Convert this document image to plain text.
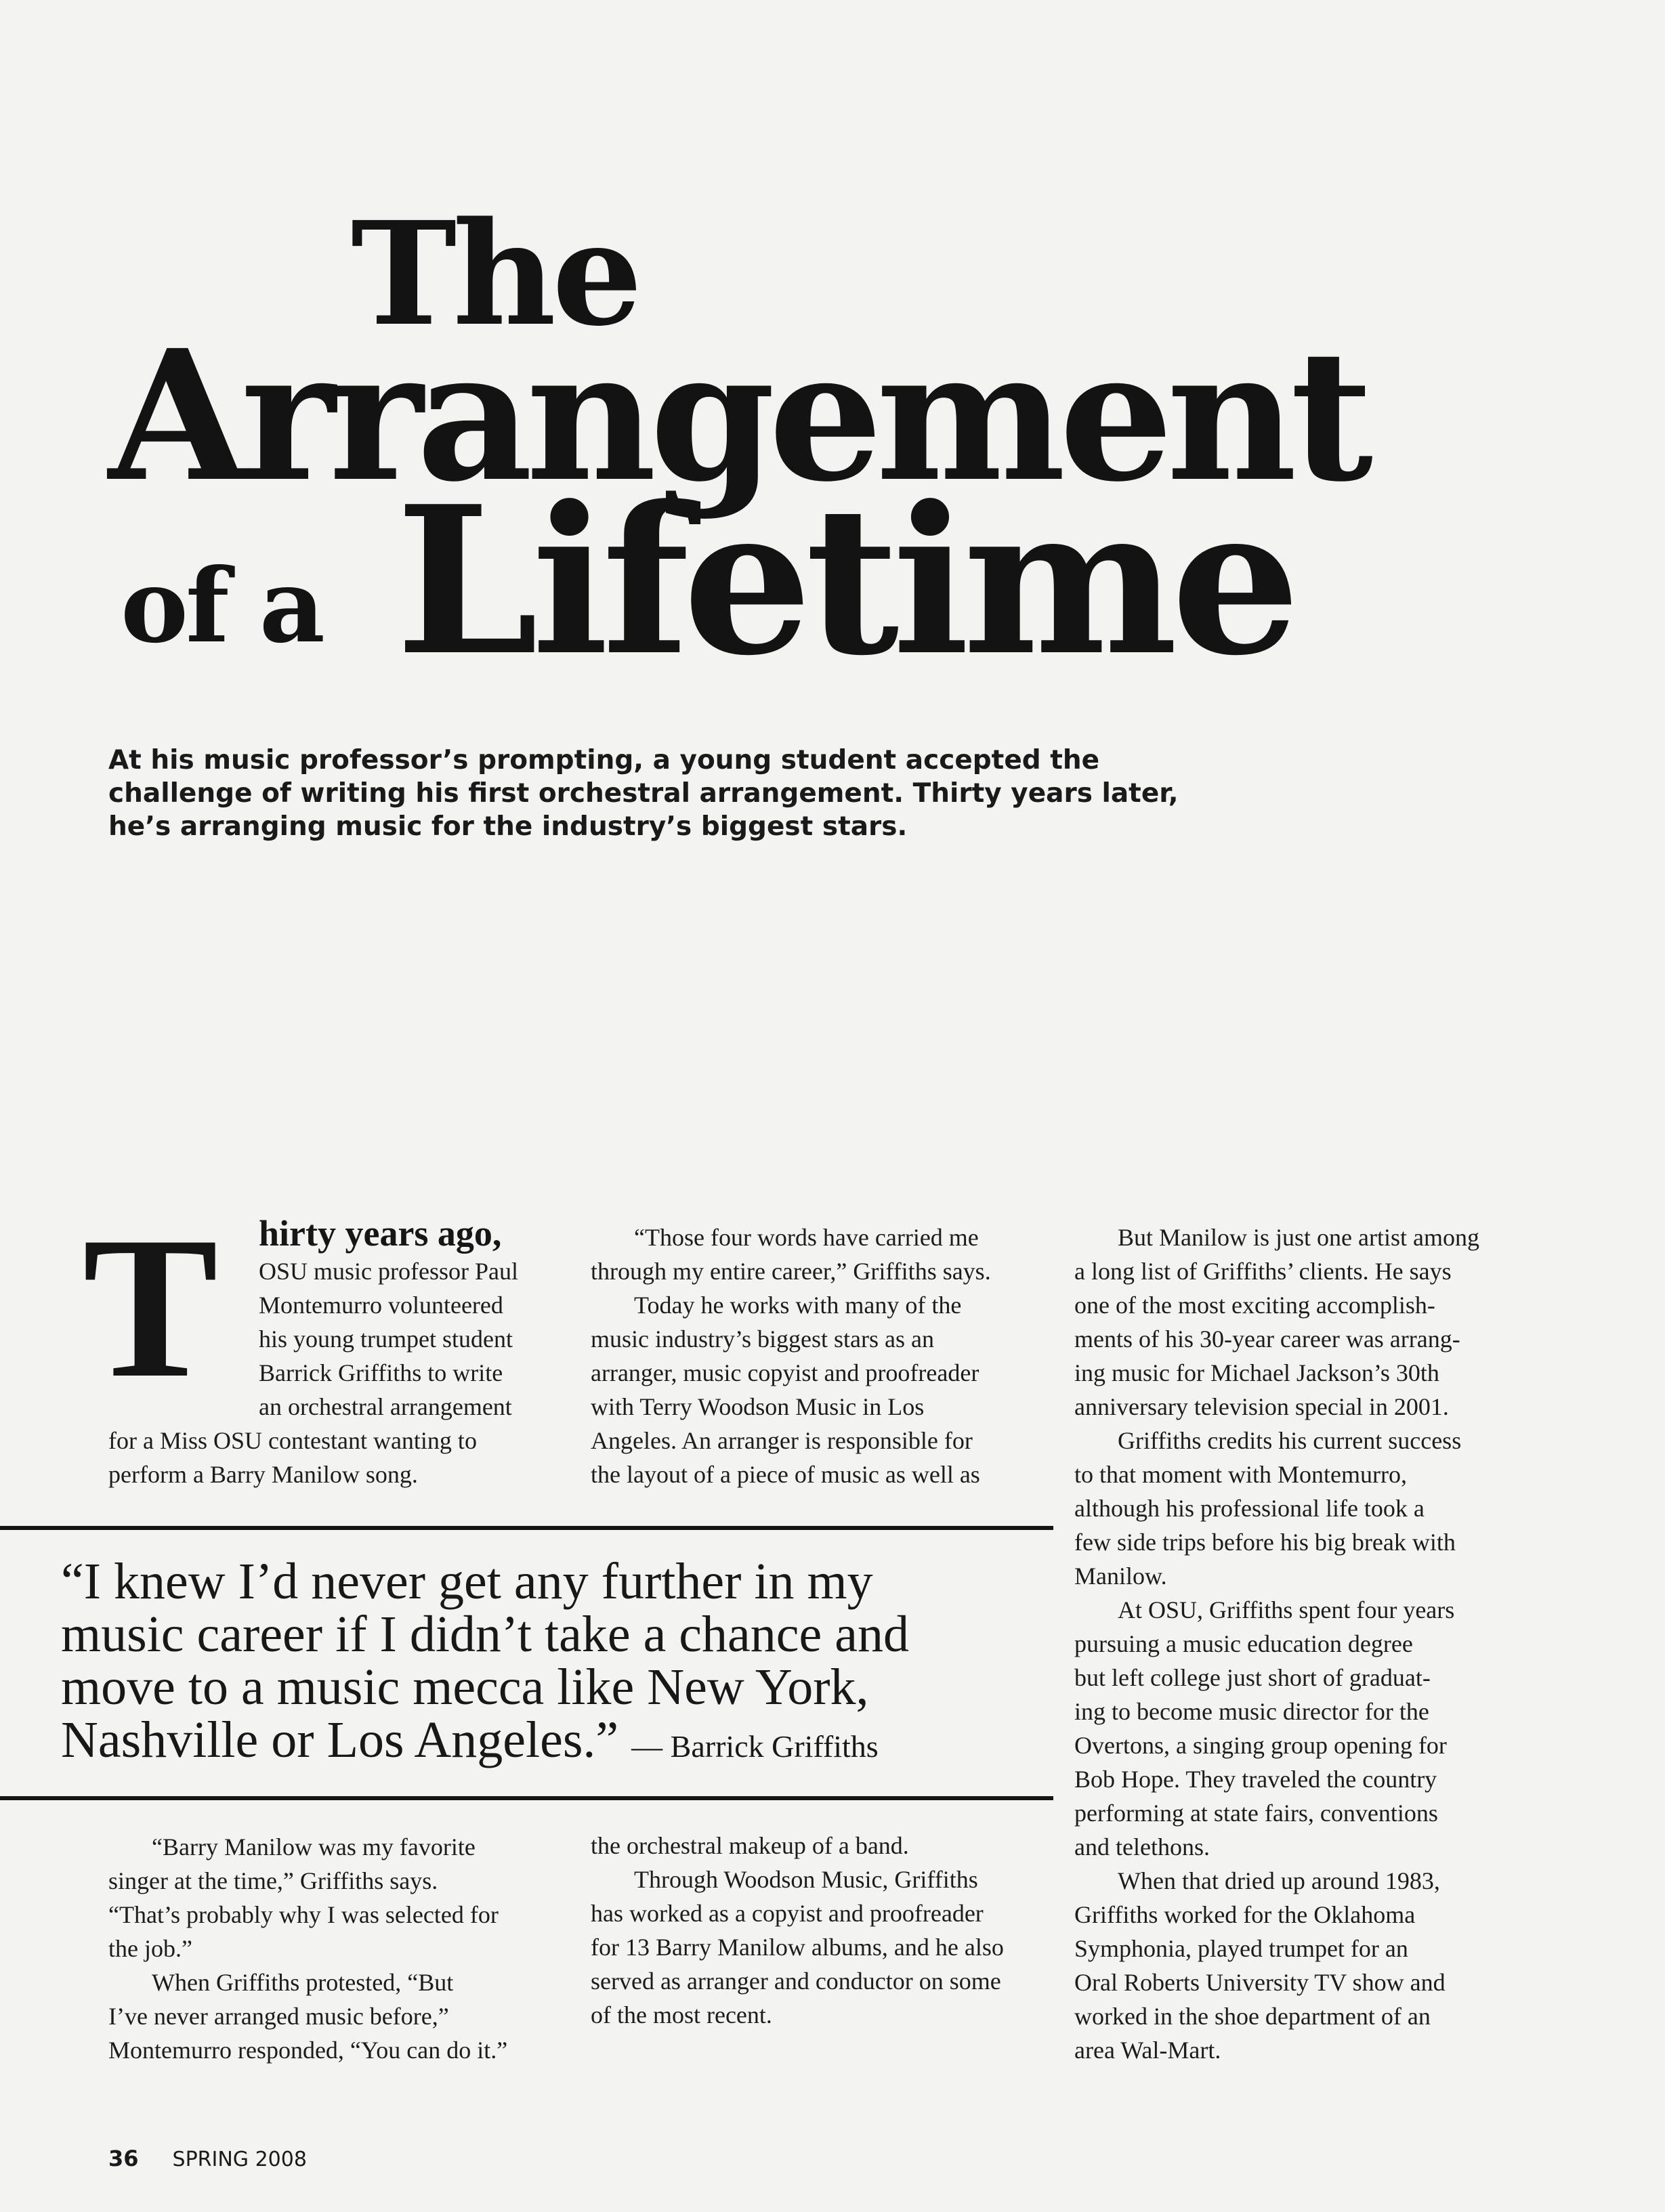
The
Arrangement
of a Lifetime
At his music professor’s prompting, a young student accepted the
challenge of writing his first orchestral arrangement. Thirty years later,
he’s arranging music for the industry’s biggest stars.
T hirty years ago,
OSU music professor Paul
Montemurro volunteered
his young trumpet student
Barrick Griffiths to write
an orchestral arrangement
for a Miss OSU contestant wanting to
perform a Barry Manilow song.
“Those four words have carried me
through my entire career,” Griffiths says.
Today he works with many of the
music industry’s biggest stars as an
arranger, music copyist and proofreader
with Terry Woodson Music in Los
Angeles. An arranger is responsible for
the layout of a piece of music as well as
“I knew I’d never get any further in my
music career if I didn’t take a chance and
move to a music mecca like New York,
Nashville or Los Angeles.” — Barrick Griffiths
“Barry Manilow was my favorite
singer at the time,” Griffiths says.
“That’s probably why I was selected for
the job.”
When Griffiths protested, “But
I’ve never arranged music before,”
Montemurro responded, “You can do it.”
the orchestral makeup of a band.
Through Woodson Music, Griffiths
has worked as a copyist and proofreader
for 13 Barry Manilow albums, and he also
served as arranger and conductor on some
of the most recent.
But Manilow is just one artist among
a long list of Griffiths’ clients. He says
one of the most exciting accomplish-
ments of his 30-year career was arrang-
ing music for Michael Jackson’s 30th
anniversary television special in 2001.
Griffiths credits his current success
to that moment with Montemurro,
although his professional life took a
few side trips before his big break with
Manilow.
At OSU, Griffiths spent four years
pursuing a music education degree
but left college just short of graduat-
ing to become music director for the
Overtons, a singing group opening for
Bob Hope. They traveled the country
performing at state fairs, conventions
and telethons.
When that dried up around 1983,
Griffiths worked for the Oklahoma
Symphonia, played trumpet for an
Oral Roberts University TV show and
worked in the shoe department of an
area Wal-Mart.
36 SPRING 2008
